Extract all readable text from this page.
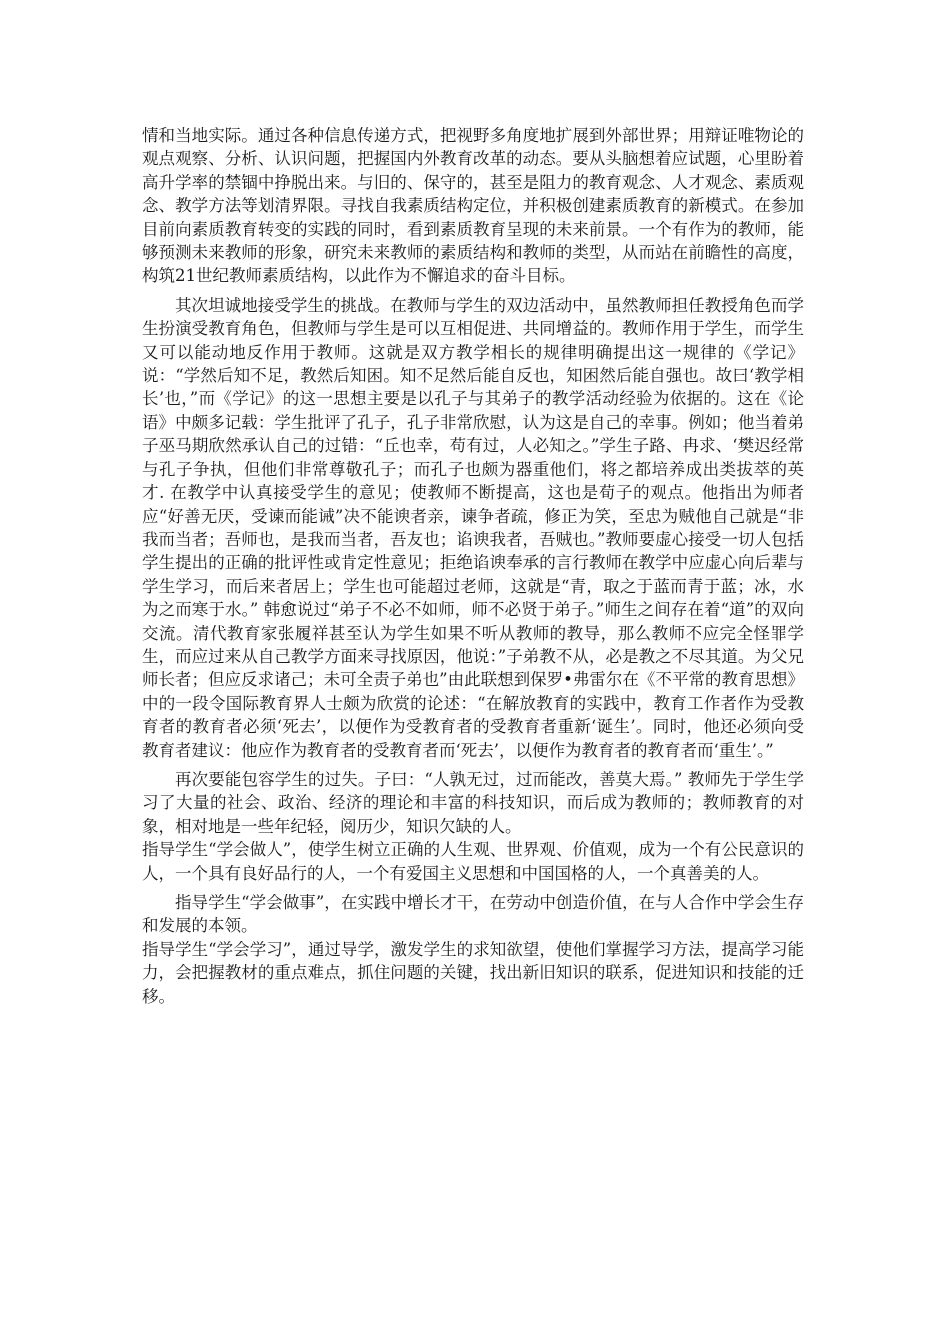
情和当地实际。通过各种信息传递方式，把视野多角度地扩展到外部世界；用辩证唯物论的观点观察、分析、认识问题，把握国内外教育改革的动态。要从头脑想着应试题，心里盼着高升学率的禁锢中挣脱出来。与旧的、保守的，甚至是阻力的教育观念、人才观念、素质观念、教学方法等划清界限。寻找自我素质结构定位，并积极创建素质教育的新模式。在参加目前向素质教育转变的实践的同时，看到素质教育呈现的未来前景。一个有作为的教师，能够预测未来教师的形象，研究未来教师的素质结构和教师的类型，从而站在前瞻性的高度，构筑21世纪教师素质结构，以此作为不懈追求的奋斗目标。

其次坦诚地接受学生的挑战。在教师与学生的双边活动中，虽然教师担任教授角色而学生扮演受教育角色，但教师与学生是可以互相促进、共同增益的。教师作用于学生，而学生又可以能动地反作用于教师。这就是双方教学相长的规律明确提出这一规律的《学记》说：“学然后知不足，教然后知困。知不足然后能自反也，知困然后能自强也。故曰‘教学相长’也，”而《学记》的这一思想主要是以孔子与其弟子的教学活动经验为依据的。这在《论语》中颇多记载：学生批评了孔子，孔子非常欣慰，认为这是自己的幸事。例如；他当着弟子巫马期欣然承认自己的过错：“丘也幸，苟有过，人必知之。”学生子路、冉求、‘樊迟经常与孔子争执，但他们非常尊敬孔子；而孔子也颇为器重他们，将之都培养成出类拔萃的英才. 在教学中认真接受学生的意见；使教师不断提高，这也是荀子的观点。他指出为师者应“好善无厌，受谏而能诫”决不能谀者亲，谏争者疏，修正为笑，至忠为贼他自己就是“非我而当者；吾师也，是我而当者，吾友也；谄谀我者，吾贼也。”教师要虚心接受一切人包括学生提出的正确的批评性或肯定性意见；拒绝谄谀奉承的言行教师在教学中应虚心向后辈与学生学习，而后来者居上；学生也可能超过老师，这就是“青，取之于蓝而青于蓝；冰，水为之而寒于水。” 韩愈说过“弟子不必不如师，师不必贤于弟子。”师生之间存在着“道”的双向交流。清代教育家张履祥甚至认为学生如果不听从教师的教导，那么教师不应完全怪罪学生，而应过来从自己教学方面来寻找原因，他说：”子弟教不从，必是教之不尽其道。为父兄师长者；但应反求诸己；未可全责子弟也”由此联想到保罗•弗雷尔在《不平常的教育思想》中的一段令国际教育界人士颇为欣赏的论述：“在解放教育的实践中，教育工作者作为受教育者的教育者必须‘死去’，以便作为受教育者的受教育者重新‘诞生’。同时，他还必须向受教育者建议：他应作为教育者的受教育者而‘死去’，以便作为教育者的教育者而‘重生’。”

再次要能包容学生的过失。子曰：“人孰无过，过而能改，善莫大焉。” 教师先于学生学习了大量的社会、政治、经济的理论和丰富的科技知识，而后成为教师的；教师教育的对象，相对地是一些年纪轻，阅历少，知识欠缺的人。

指导学生“学会做人”，使学生树立正确的人生观、世界观、价值观，成为一个有公民意识的人，一个具有良好品行的人，一个有爱国主义思想和中国国格的人，一个真善美的人。

指导学生“学会做事”，在实践中增长才干，在劳动中创造价值，在与人合作中学会生存和发展的本领。

指导学生“学会学习”，通过导学，激发学生的求知欲望，使他们掌握学习方法，提高学习能力，会把握教材的重点难点，抓住问题的关键，找出新旧知识的联系，促进知识和技能的迁移。
